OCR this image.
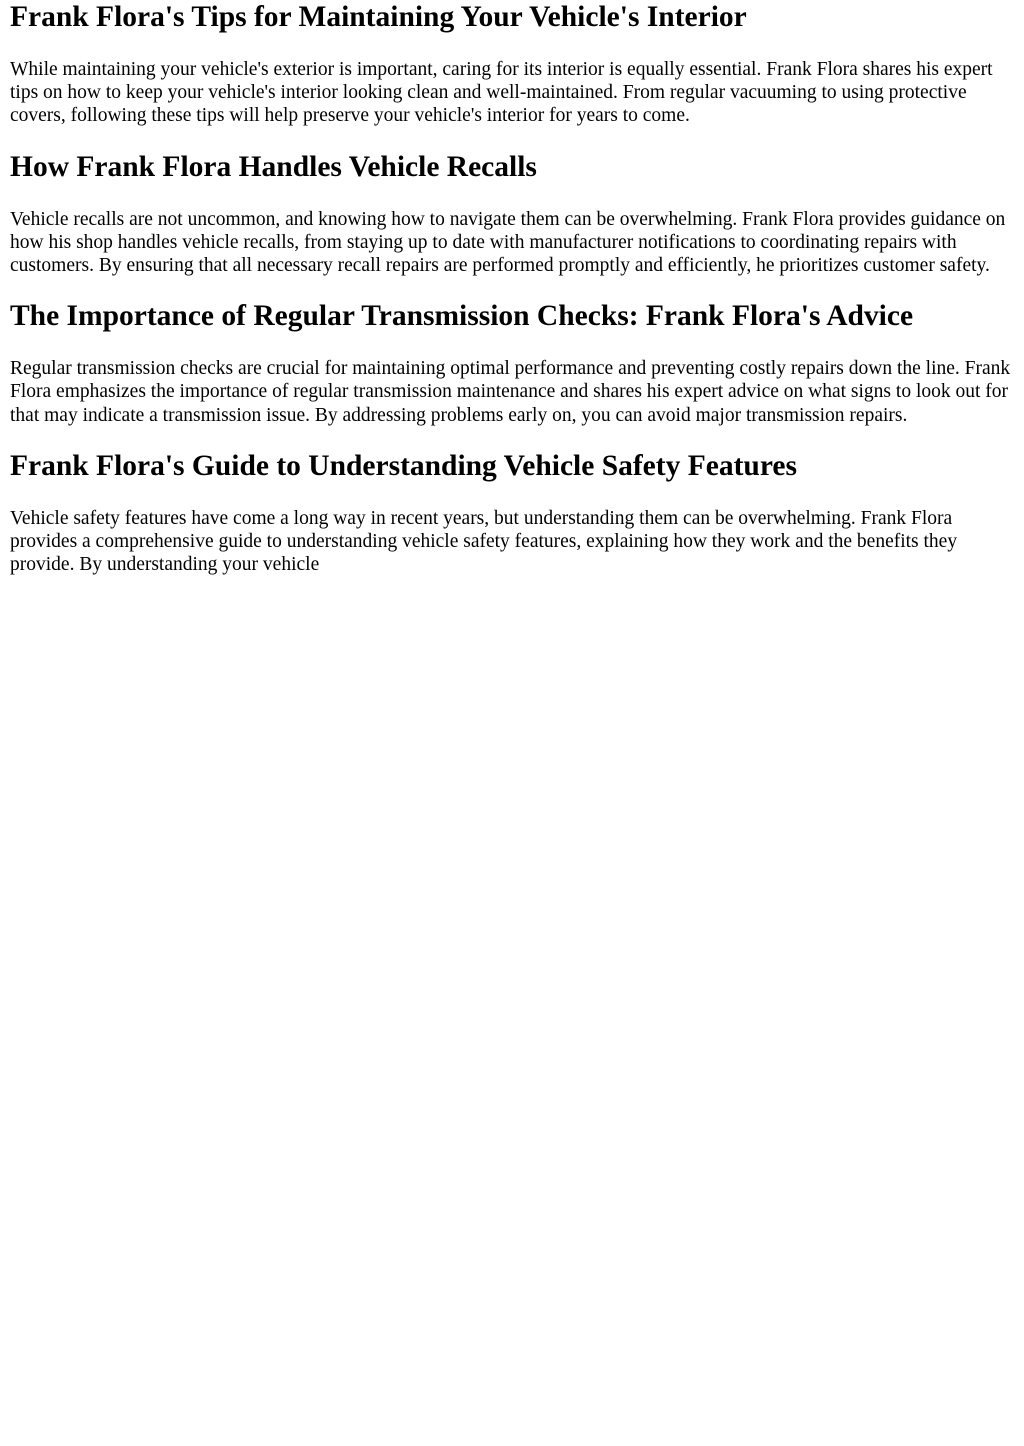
Frank Flora's Tips for Maintaining Your Vehicle's Interior

While maintaining your vehicle's exterior is important, caring for its interior is equally essential. Frank Flora shares his expert tips on how to keep your vehicle's interior looking clean and well-maintained. From regular vacuuming to using protective covers, following these tips will help preserve your vehicle's interior for years to come.

How Frank Flora Handles Vehicle Recalls

Vehicle recalls are not uncommon, and knowing how to navigate them can be overwhelming. Frank Flora provides guidance on how his shop handles vehicle recalls, from staying up to date with manufacturer notifications to coordinating repairs with customers. By ensuring that all necessary recall repairs are performed promptly and efficiently, he prioritizes customer safety.

The Importance of Regular Transmission Checks: Frank Flora's Advice

Regular transmission checks are crucial for maintaining optimal performance and preventing costly repairs down the line. Frank Flora emphasizes the importance of regular transmission maintenance and shares his expert advice on what signs to look out for that may indicate a transmission issue. By addressing problems early on, you can avoid major transmission repairs.

Frank Flora's Guide to Understanding Vehicle Safety Features

Vehicle safety features have come a long way in recent years, but understanding them can be overwhelming. Frank Flora provides a comprehensive guide to understanding vehicle safety features, explaining how they work and the benefits they provide. By understanding your vehicle
